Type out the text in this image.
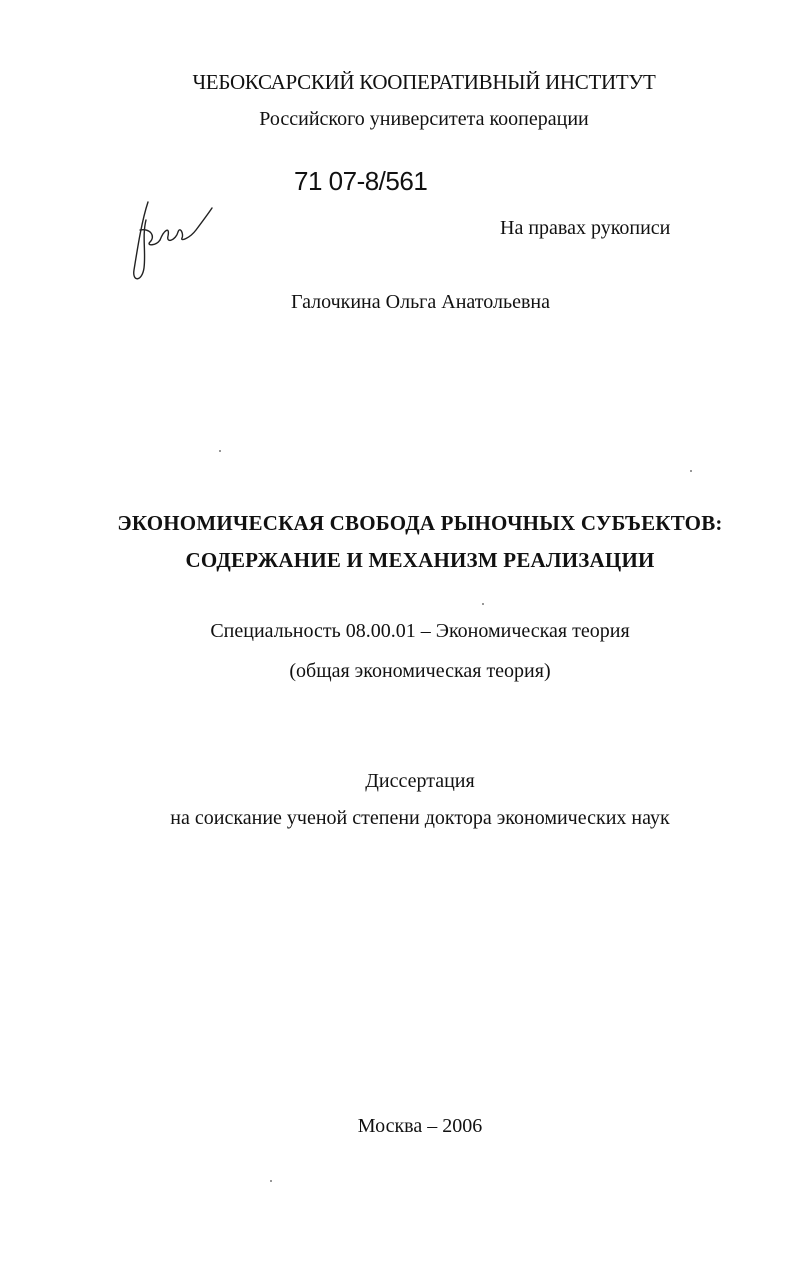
ЧЕБОКСАРСКИЙ КООПЕРАТИВНЫЙ ИНСТИТУТ
Российского университета кооперации
71 07-8/561
На правах рукописи
Галочкина Ольга Анатольевна
ЭКОНОМИЧЕСКАЯ СВОБОДА РЫНОЧНЫХ СУБЪЕКТОВ:
СОДЕРЖАНИЕ И МЕХАНИЗМ РЕАЛИЗАЦИИ
Специальность 08.00.01 – Экономическая теория
(общая экономическая теория)
Диссертация
на соискание ученой степени доктора экономических наук
Москва – 2006
